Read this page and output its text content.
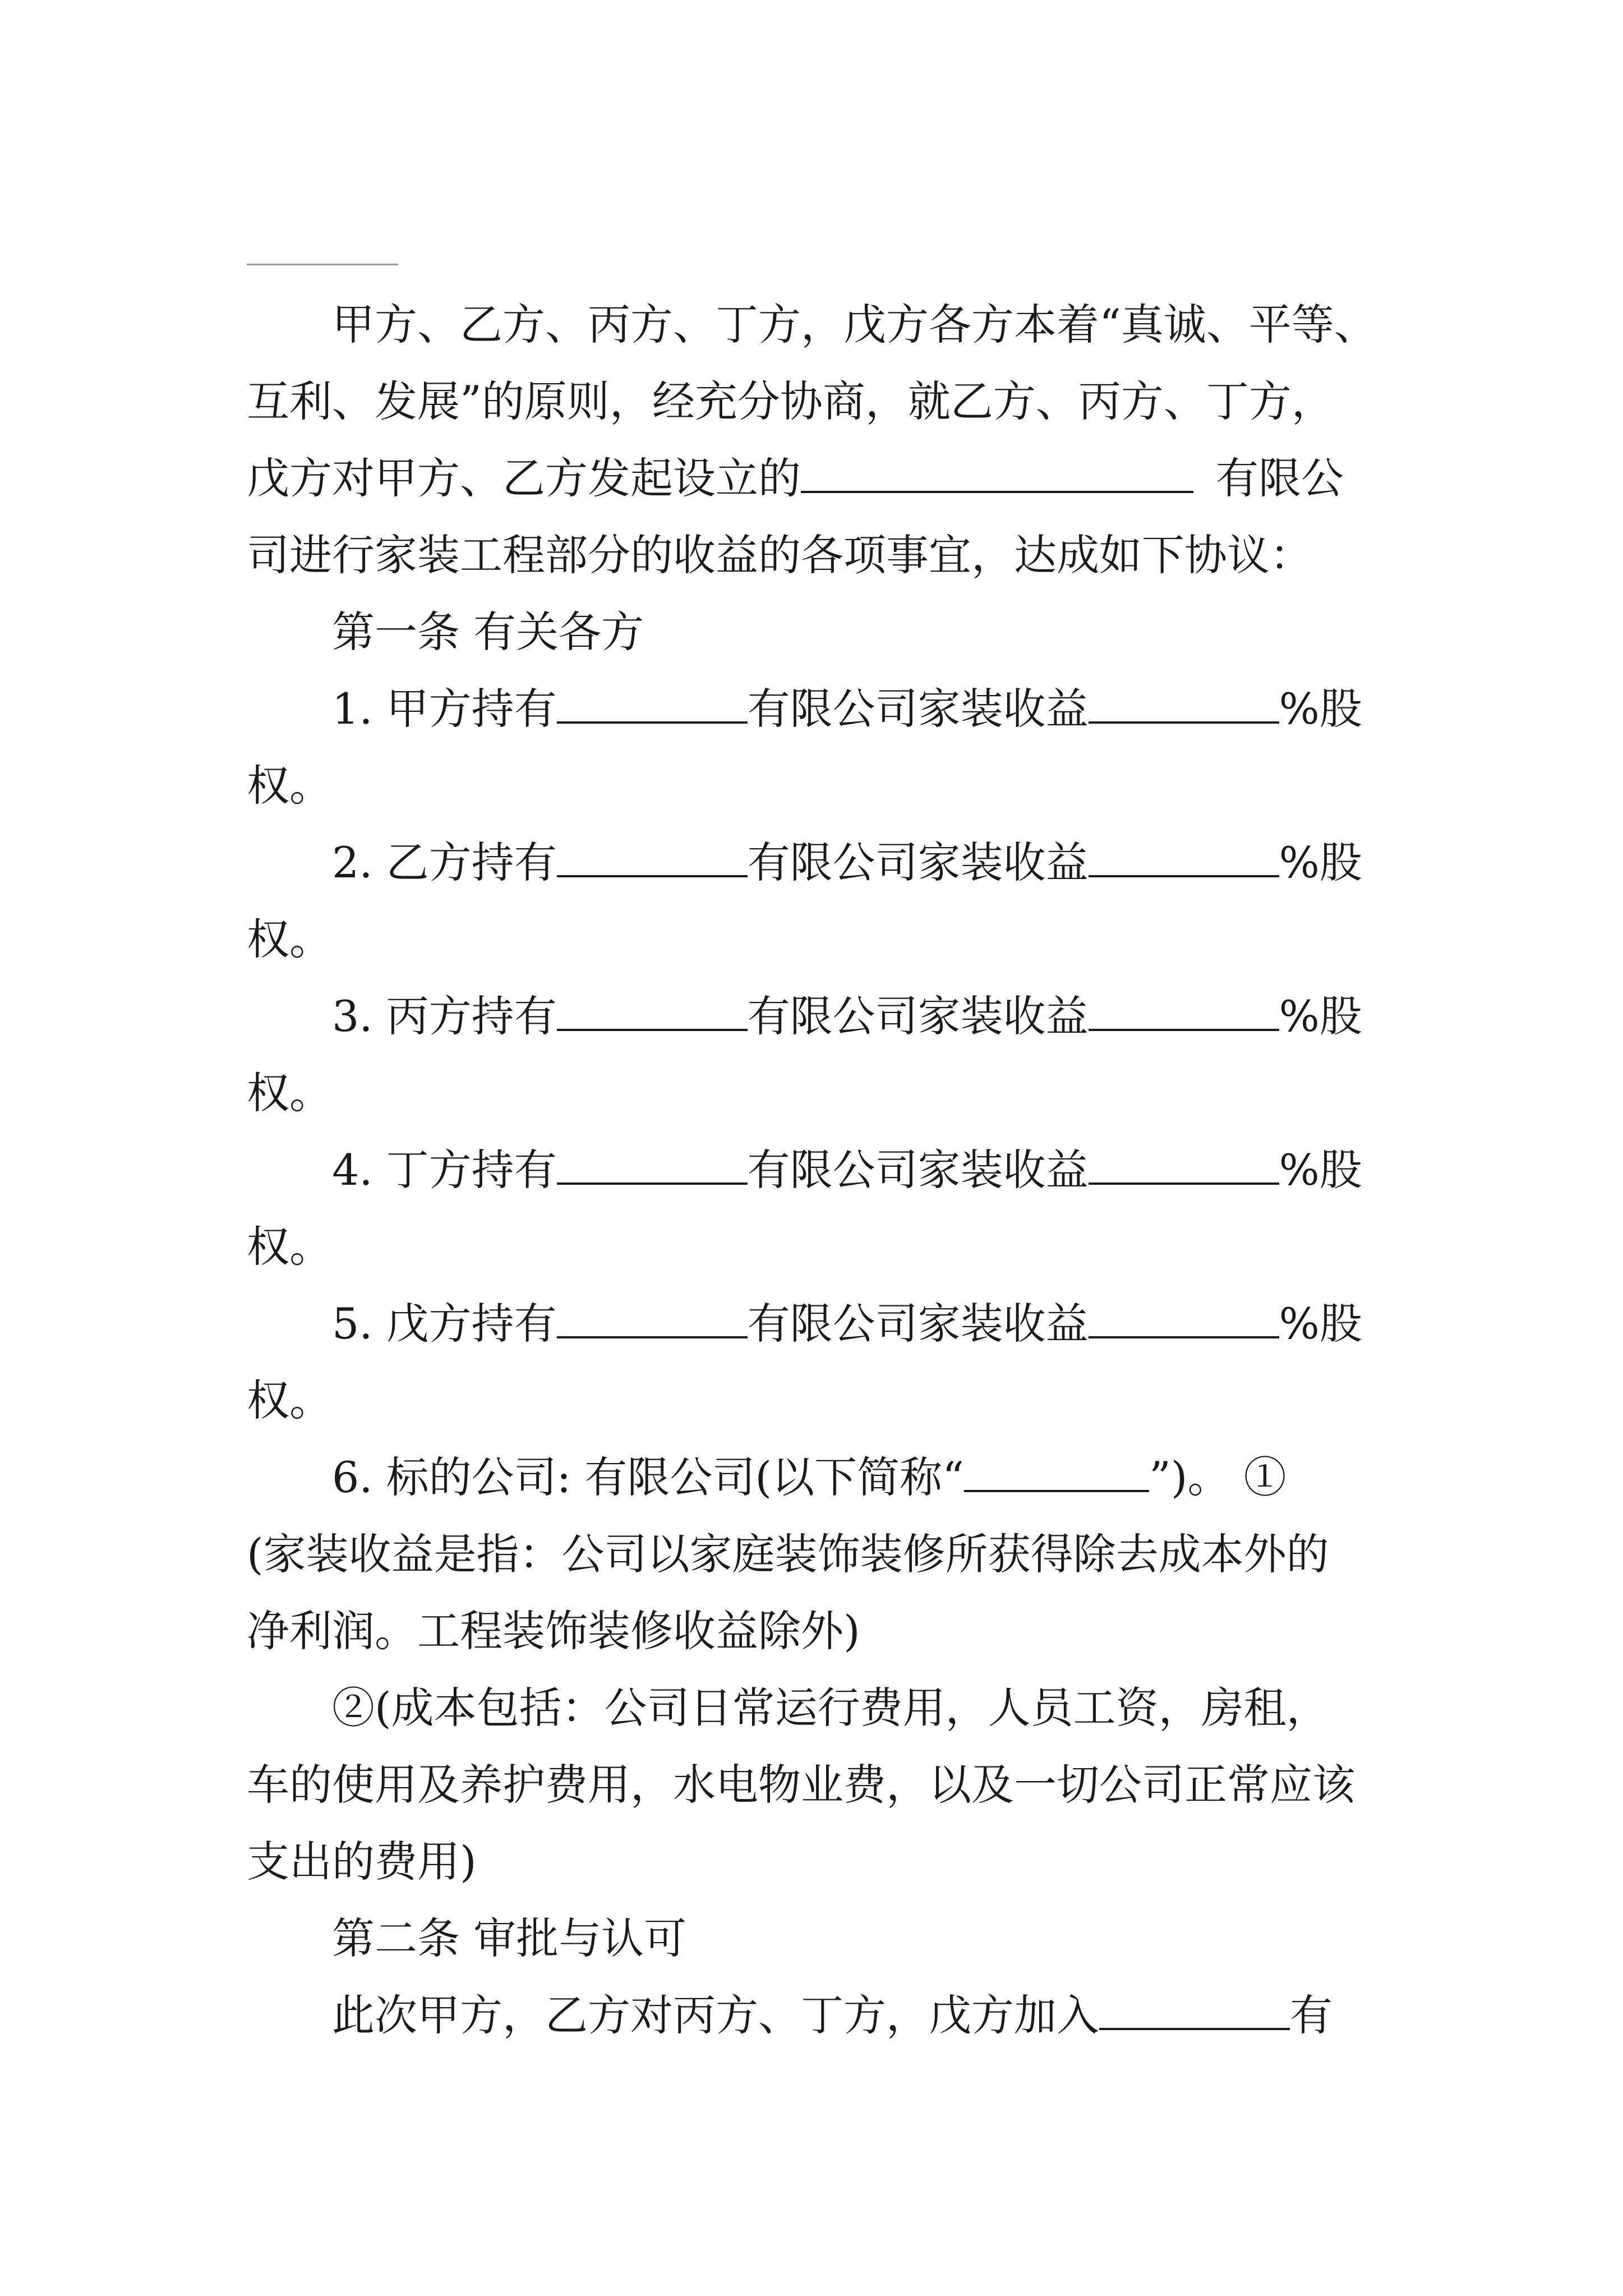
甲方、乙方、丙方、丁方，戊方各方本着“真诚、平等、
互利、发展”的原则，经充分协商，就乙方、丙方、丁方，
戊方对甲方、乙方发起设立的	有限公
司进行家装工程部分的收益的各项事宜，达成如下协议：
第一条 有关各方
1. 甲方持有	有限公司家装收益	%股
权。
2. 乙方持有	有限公司家装收益	%股
权。
3. 丙方持有	有限公司家装收益	%股
权。
4. 丁方持有	有限公司家装收益	%股
权。
5. 戊方持有	有限公司家装收益	%股
权。
6. 标的公司: 有限公司(以下简称“	”)。 ①
(家装收益是指：公司以家庭装饰装修所获得除去成本外的
净利润。工程装饰装修收益除外)
②(成本包括：公司日常运行费用，人员工资，房租，
车的使用及养护费用，水电物业费，以及一切公司正常应该
支出的费用)
第二条 审批与认可
此次甲方，乙方对丙方、丁方，戊方加入	有
